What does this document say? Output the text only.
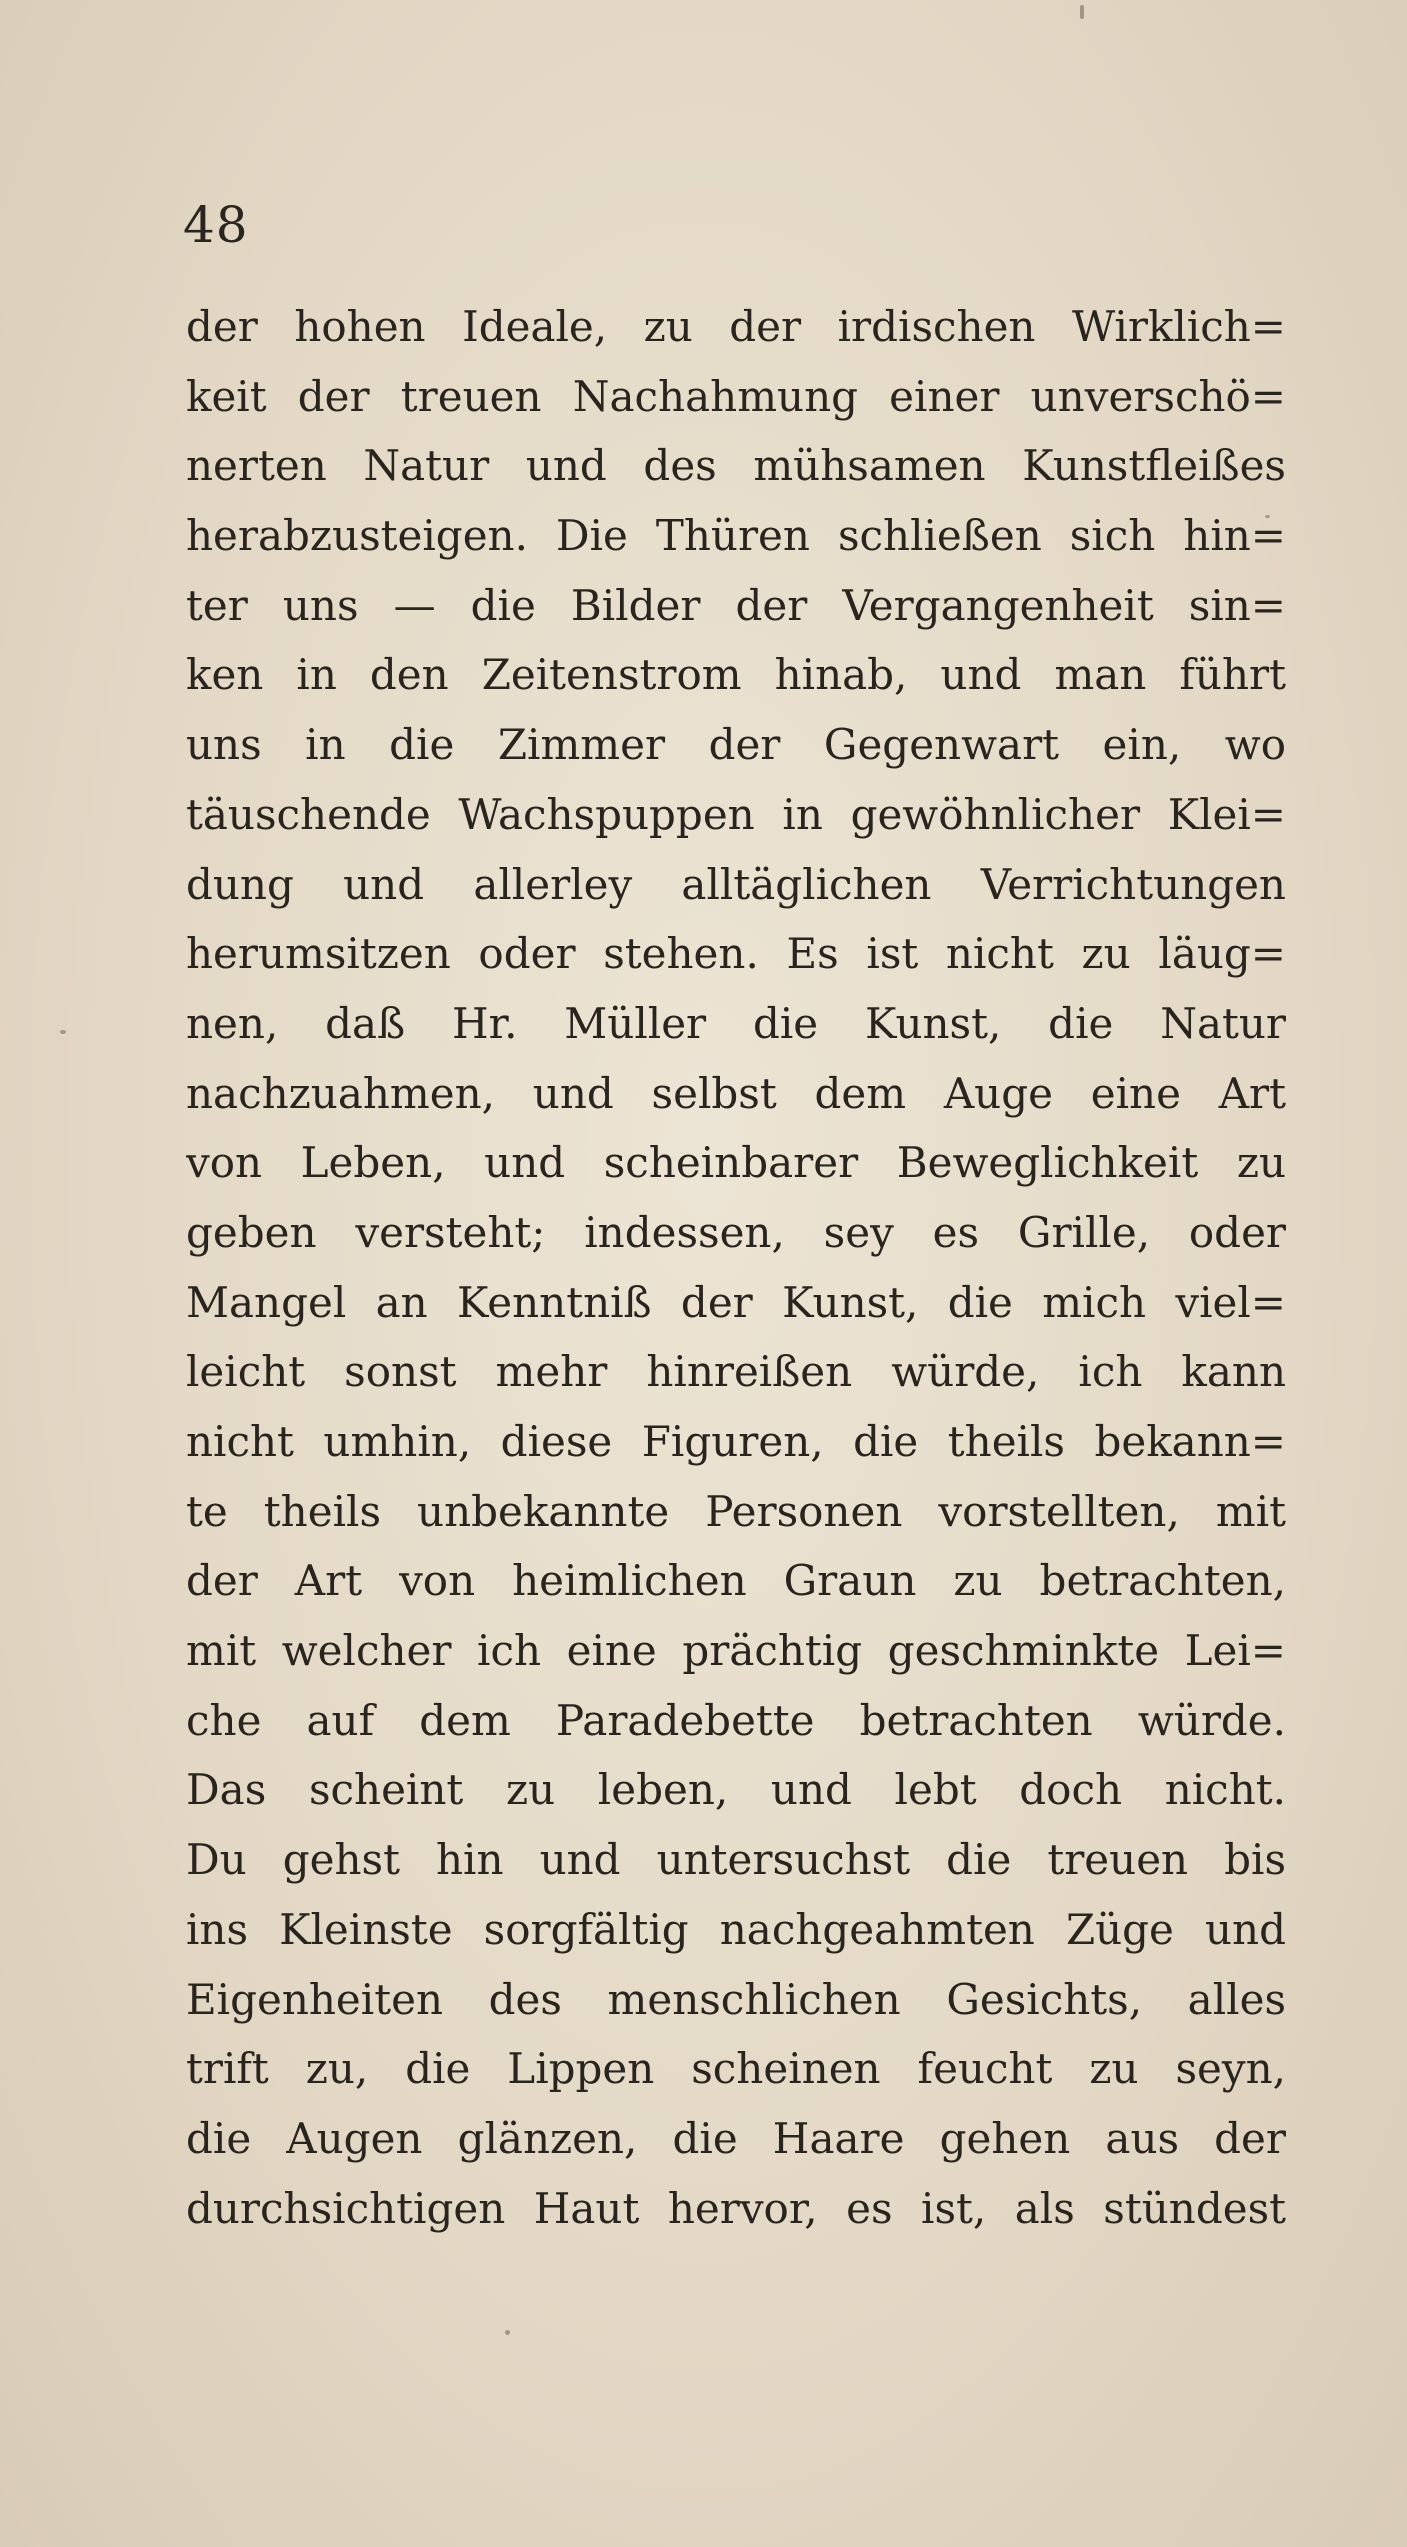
48
der hohen Ideale, zu der irdischen Wirklich=
keit der treuen Nachahmung einer unverschö=
nerten Natur und des mühsamen Kunstfleißes
herabzusteigen. Die Thüren schließen sich hin=
ter uns — die Bilder der Vergangenheit sin=
ken in den Zeitenstrom hinab, und man führt
uns in die Zimmer der Gegenwart ein, wo
täuschende Wachspuppen in gewöhnlicher Klei=
dung und allerley alltäglichen Verrichtungen
herumsitzen oder stehen. Es ist nicht zu läug=
nen, daß Hr. Müller die Kunst, die Natur
nachzuahmen, und selbst dem Auge eine Art
von Leben, und scheinbarer Beweglichkeit zu
geben versteht; indessen, sey es Grille, oder
Mangel an Kenntniß der Kunst, die mich viel=
leicht sonst mehr hinreißen würde, ich kann
nicht umhin, diese Figuren, die theils bekann=
te theils unbekannte Personen vorstellten, mit
der Art von heimlichen Graun zu betrachten,
mit welcher ich eine prächtig geschminkte Lei=
che auf dem Paradebette betrachten würde.
Das scheint zu leben, und lebt doch nicht.
Du gehst hin und untersuchst die treuen bis
ins Kleinste sorgfältig nachgeahmten Züge und
Eigenheiten des menschlichen Gesichts, alles
trift zu, die Lippen scheinen feucht zu seyn,
die Augen glänzen, die Haare gehen aus der
durchsichtigen Haut hervor, es ist, als stündest
